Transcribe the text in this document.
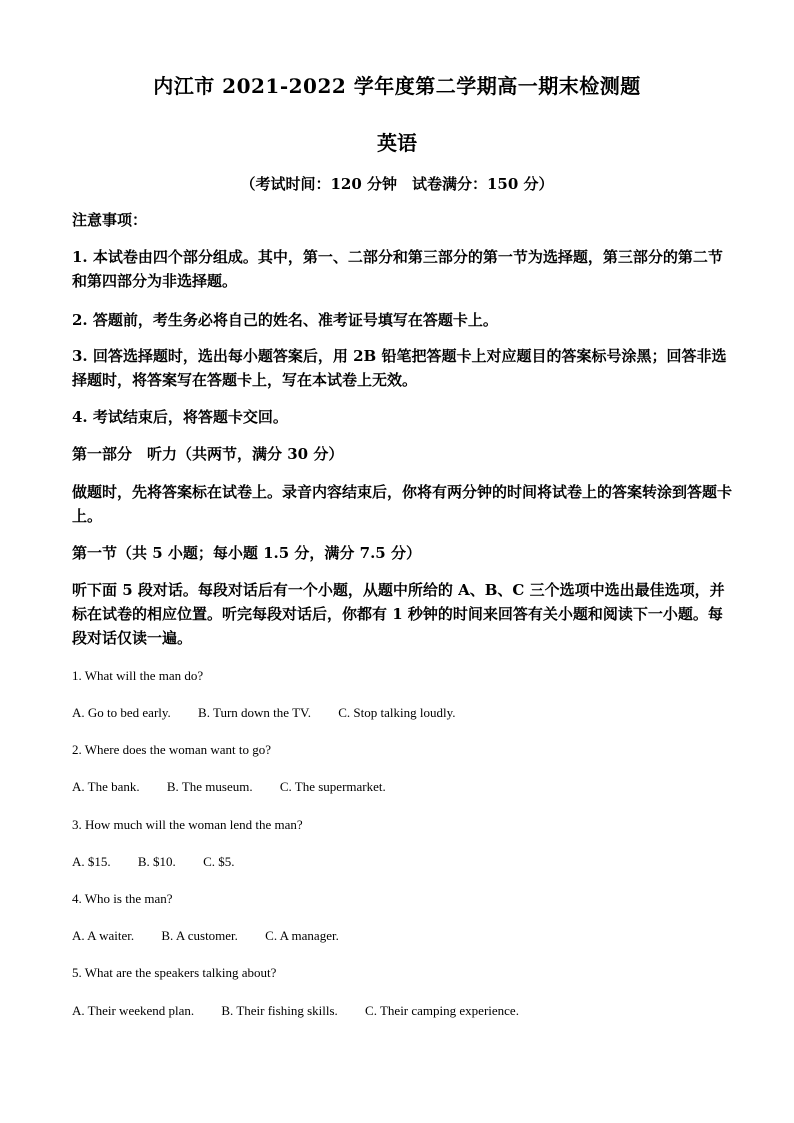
内江市 2021-2022 学年度第二学期高一期末检测题
英语
（考试时间：120 分钟　试卷满分：150 分）
注意事项：
1. 本试卷由四个部分组成。其中，第一、二部分和第三部分的第一节为选择题，第三部分的第二节和第四部分为非选择题。
2. 答题前，考生务必将自己的姓名、准考证号填写在答题卡上。
3. 回答选择题时，选出每小题答案后，用 2B 铅笔把答题卡上对应题目的答案标号涂黑；回答非选择题时，将答案写在答题卡上，写在本试卷上无效。
4. 考试结束后，将答题卡交回。
第一部分　听力（共两节，满分 30 分）
做题时，先将答案标在试卷上。录音内容结束后，你将有两分钟的时间将试卷上的答案转涂到答题卡上。
第一节（共 5 小题；每小题 1.5 分，满分 7.5 分）
听下面 5 段对话。每段对话后有一个小题，从题中所给的 A、B、C 三个选项中选出最佳选项，并标在试卷的相应位置。听完每段对话后，你都有 1 秒钟的时间来回答有关小题和阅读下一小题。每段对话仅读一遍。
1. What will the man do?
A. Go to bed early. B. Turn down the TV. C. Stop talking loudly.
2. Where does the woman want to go?
A. The bank. B. The museum. C. The supermarket.
3. How much will the woman lend the man?
A. $15. B. $10. C. $5.
4. Who is the man?
A. A waiter. B. A customer. C. A manager.
5. What are the speakers talking about?
A. Their weekend plan. B. Their fishing skills. C. Their camping experience.
